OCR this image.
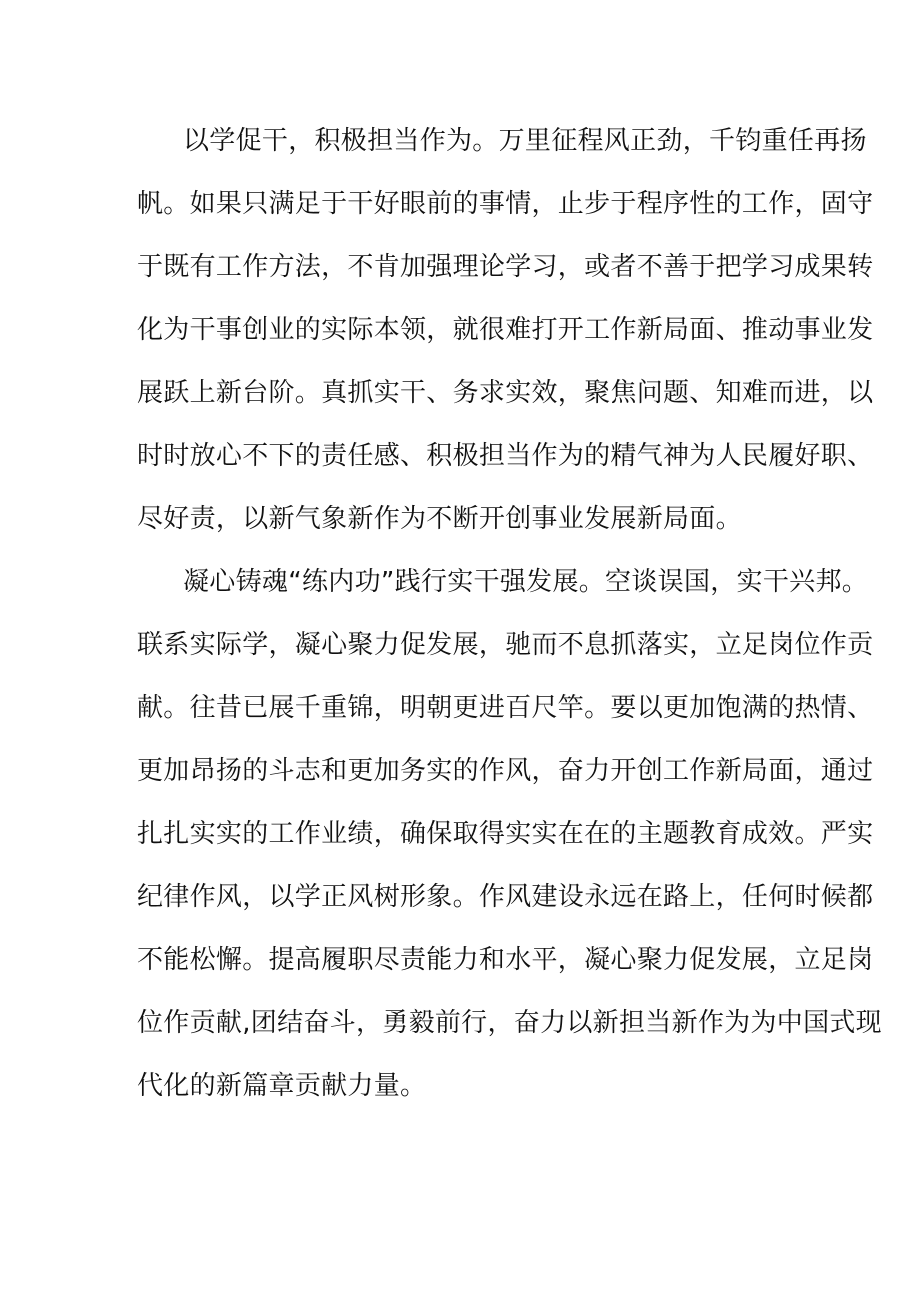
以学促干，积极担当作为。万里征程风正劲，千钧重任再扬
帆。如果只满足于干好眼前的事情，止步于程序性的工作，固守
于既有工作方法，不肯加强理论学习，或者不善于把学习成果转
化为干事创业的实际本领，就很难打开工作新局面、推动事业发
展跃上新台阶。真抓实干、务求实效，聚焦问题、知难而进，以
时时放心不下的责任感、积极担当作为的精气神为人民履好职、
尽好责，以新气象新作为不断开创事业发展新局面。
凝心铸魂“练内功”践行实干强发展。空谈误国，实干兴邦。
联系实际学，凝心聚力促发展，驰而不息抓落实，立足岗位作贡
献。往昔已展千重锦，明朝更进百尺竿。要以更加饱满的热情、
更加昂扬的斗志和更加务实的作风，奋力开创工作新局面，通过
扎扎实实的工作业绩，确保取得实实在在的主题教育成效。严实
纪律作风，以学正风树形象。作风建设永远在路上，任何时候都
不能松懈。提高履职尽责能力和水平，凝心聚力促发展，立足岗
位作贡献,团结奋斗，勇毅前行，奋力以新担当新作为为中国式现
代化的新篇章贡献力量。
